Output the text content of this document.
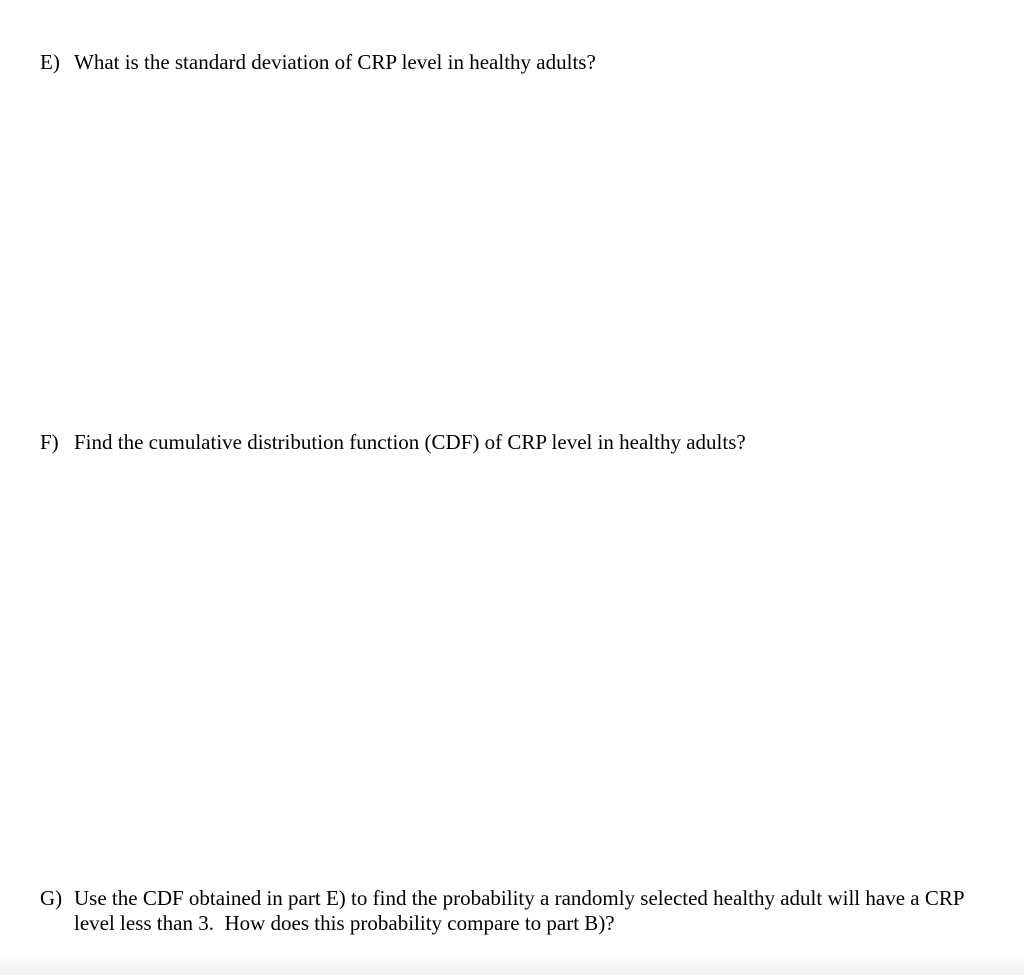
E) What is the standard deviation of CRP level in healthy adults?
F) Find the cumulative distribution function (CDF) of CRP level in healthy adults?
G) Use the CDF obtained in part E) to find the probability a randomly selected healthy adult will have a CRP level less than 3.  How does this probability compare to part B)?
